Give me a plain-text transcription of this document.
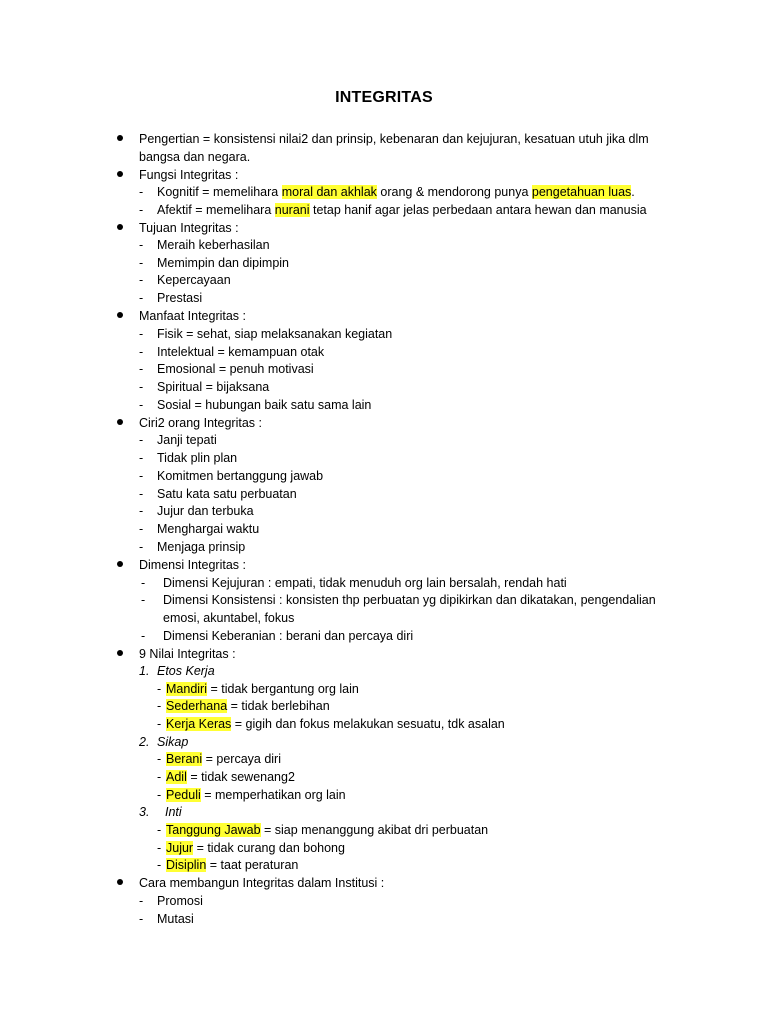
INTEGRITAS
Pengertian = konsistensi nilai2 dan prinsip, kebenaran dan kejujuran, kesatuan utuh jika dlm
bangsa dan negara.
Fungsi Integritas :
- Kognitif = memelihara moral dan akhlak orang & mendorong punya pengetahuan luas.
- Afektif = memelihara nurani tetap hanif agar jelas perbedaan antara hewan dan manusia
Tujuan Integritas :
- Meraih keberhasilan
- Memimpin dan dipimpin
- Kepercayaan
- Prestasi
Manfaat Integritas :
- Fisik = sehat, siap melaksanakan kegiatan
- Intelektual = kemampuan otak
- Emosional = penuh motivasi
- Spiritual = bijaksana
- Sosial = hubungan baik satu sama lain
Ciri2 orang Integritas :
- Janji tepati
- Tidak plin plan
- Komitmen bertanggung jawab
- Satu kata satu perbuatan
- Jujur dan terbuka
- Menghargai waktu
- Menjaga prinsip
Dimensi Integritas :
- Dimensi Kejujuran : empati, tidak menuduh org lain bersalah, rendah hati
- Dimensi Konsistensi : konsisten thp perbuatan yg dipikirkan dan dikatakan, pengendalian
emosi, akuntabel, fokus
- Dimensi Keberanian : berani dan percaya diri
9 Nilai Integritas :
1. Etos Kerja
- Mandiri = tidak bergantung org lain
- Sederhana = tidak berlebihan
- Kerja Keras = gigih dan fokus melakukan sesuatu, tdk asalan
2. Sikap
- Berani = percaya diri
- Adil = tidak sewenang2
- Peduli = memperhatikan org lain
3. Inti
- Tanggung Jawab = siap menanggung akibat dri perbuatan
- Jujur = tidak curang dan bohong
- Disiplin = taat peraturan
Cara membangun Integritas dalam Institusi :
- Promosi
- Mutasi
